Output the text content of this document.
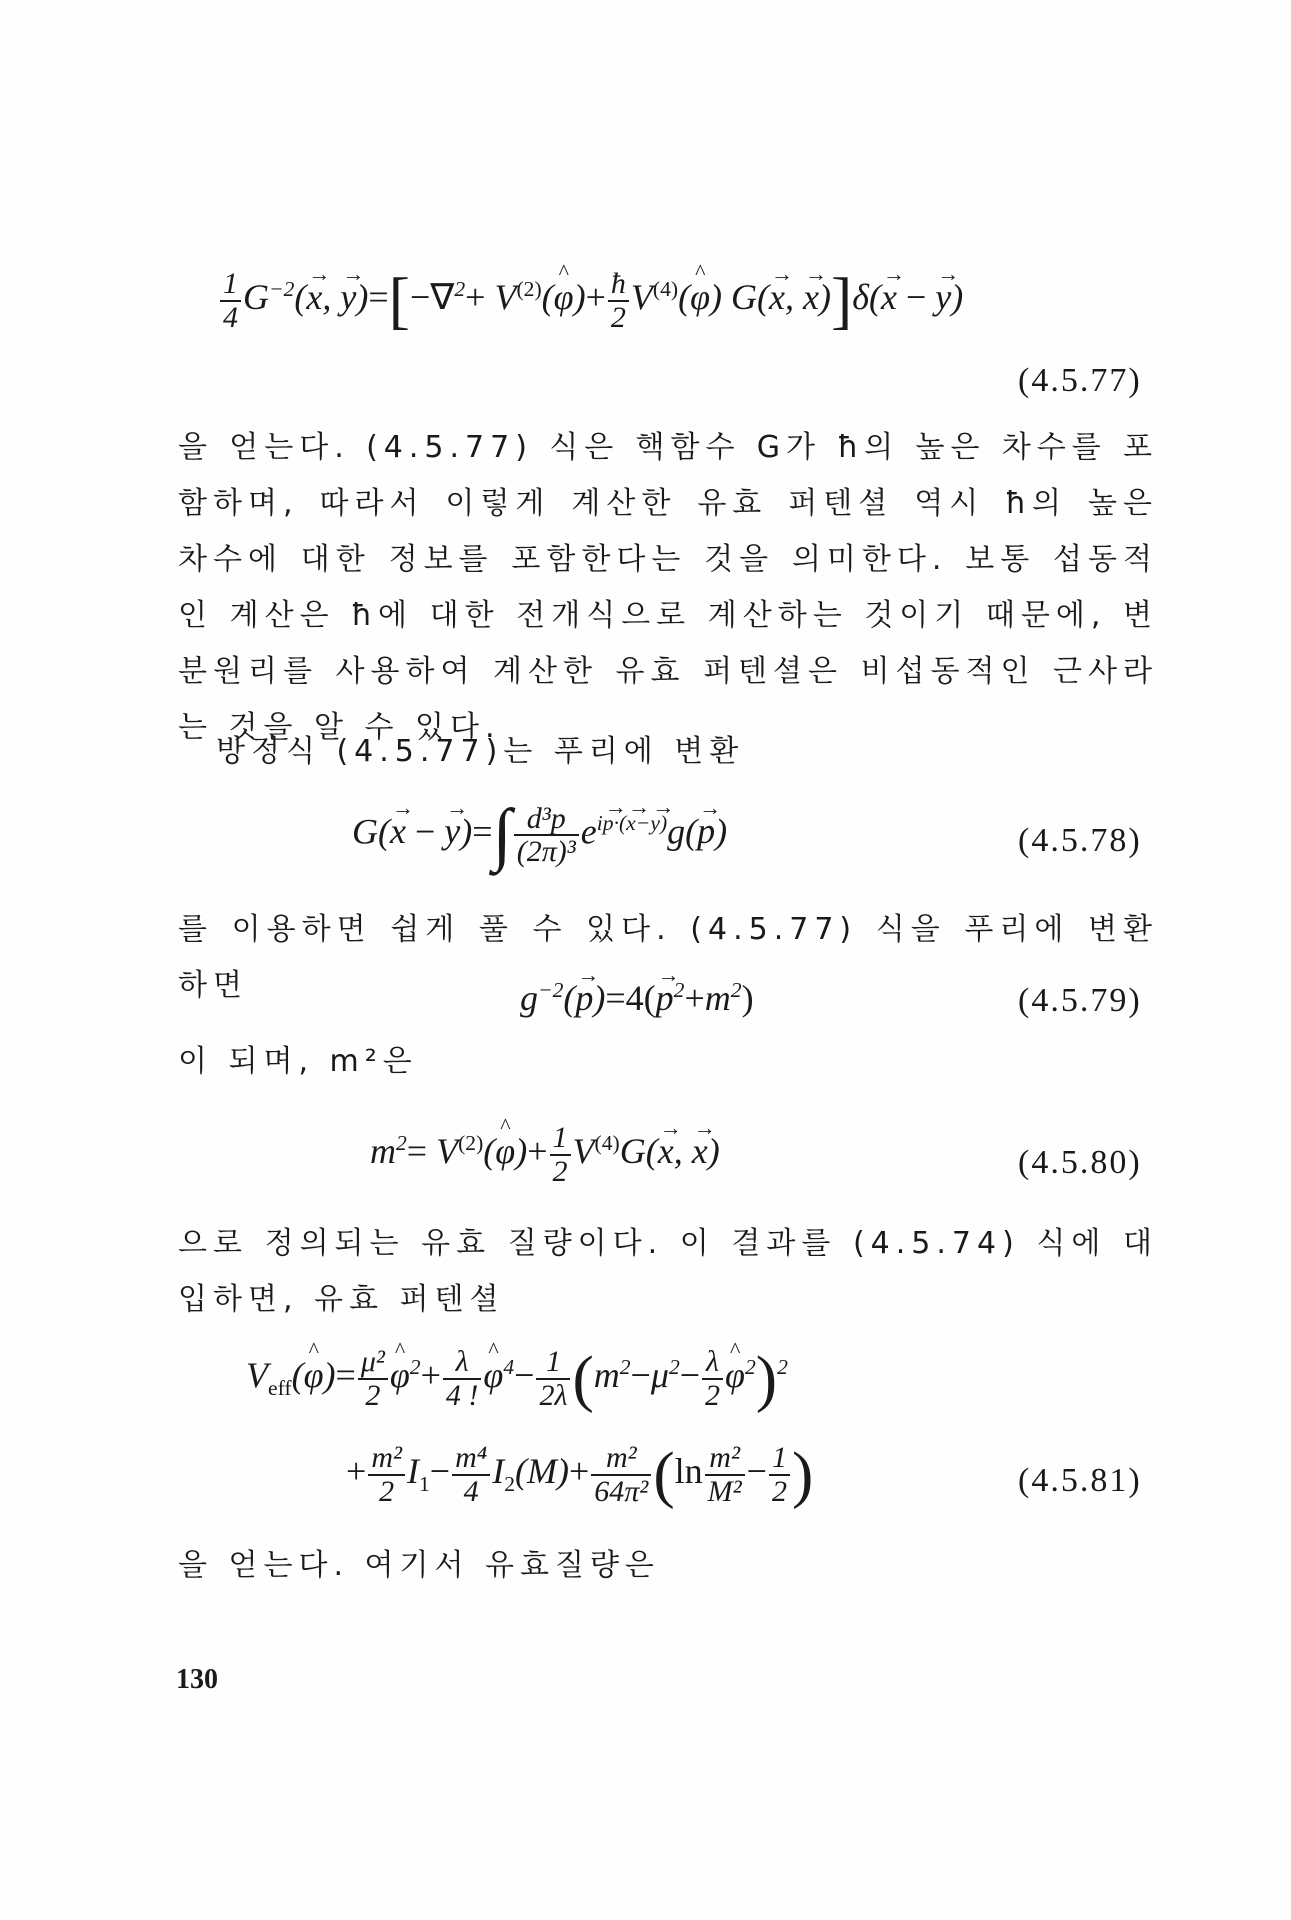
$\frac{1}{4} G^{-2}(x$ →, $y \to)=[-\nabla^2+ V^{(2)}(\varphi$ ^)+ $\frac{ħ}{2} V^{(4)}(\varphi$ ^) G(x →, x →)]δ(x → − y →)
(4.5.77)
을 얻는다. (4.5.77) 식은 핵함수 G가 ħ의 높은 차수를 포함하며, 따라서 이렇게 계산한 유효 퍼텐셜 역시 ħ의 높은 차수에 대한 정보를 포함한다는 것을 의미한다. 보통 섭동적인 계산은 ħ에 대한 전개식으로 계산하는 것이기 때문에, 변분원리를 사용하여 계산한 유효 퍼텐셜은 비섭동적인 근사라는 것을 알 수 있다.
방정식 (4.5.77)는 푸리에 변환
G(x → − y →)=∫ $\frac{\text{d³p}}{\text{(2π)³}} e^{ip\cdot(x-y)}g(p$ →)	(4.5.78)
를 이용하면 쉽게 풀 수 있다. (4.5.77) 식을 푸리에 변환하면	$g^{-2}(p \to)=4(p \to^2+m^2)$	(4.5.79)
이 되며, m²은
$m^2= V^{(2)}(\varphi$ ^)+ $\frac{1}{2} V^{(4)}G(x$ →, x →)	(4.5.80)
으로 정의되는 유효 질량이다. 이 결과를 (4.5.74) 식에 대입하면, 유효 퍼텐셜
$V_{eff}(\varphi$ ^)= $\frac{\text{μ²}}{2}$ φ ^$^2$+ $\frac{\lambda}{4 !}$ φ ^$^4$− $\frac{1}{2\lambda} (m^2-\mu^2- \frac{\lambda}{2}$ φ ^$^2$)$^2$
+ $\frac{\text{m²}}{2} I_1- \frac{\text{m⁴}}{4} I_2(M)+ \frac{\text{m²}}{\text{64π²}} (\ln \frac{\text{m²}}{\text{M²}} - \frac{1}{2}$ )	(4.5.81)
을 얻는다. 여기서 유효질량은
130
